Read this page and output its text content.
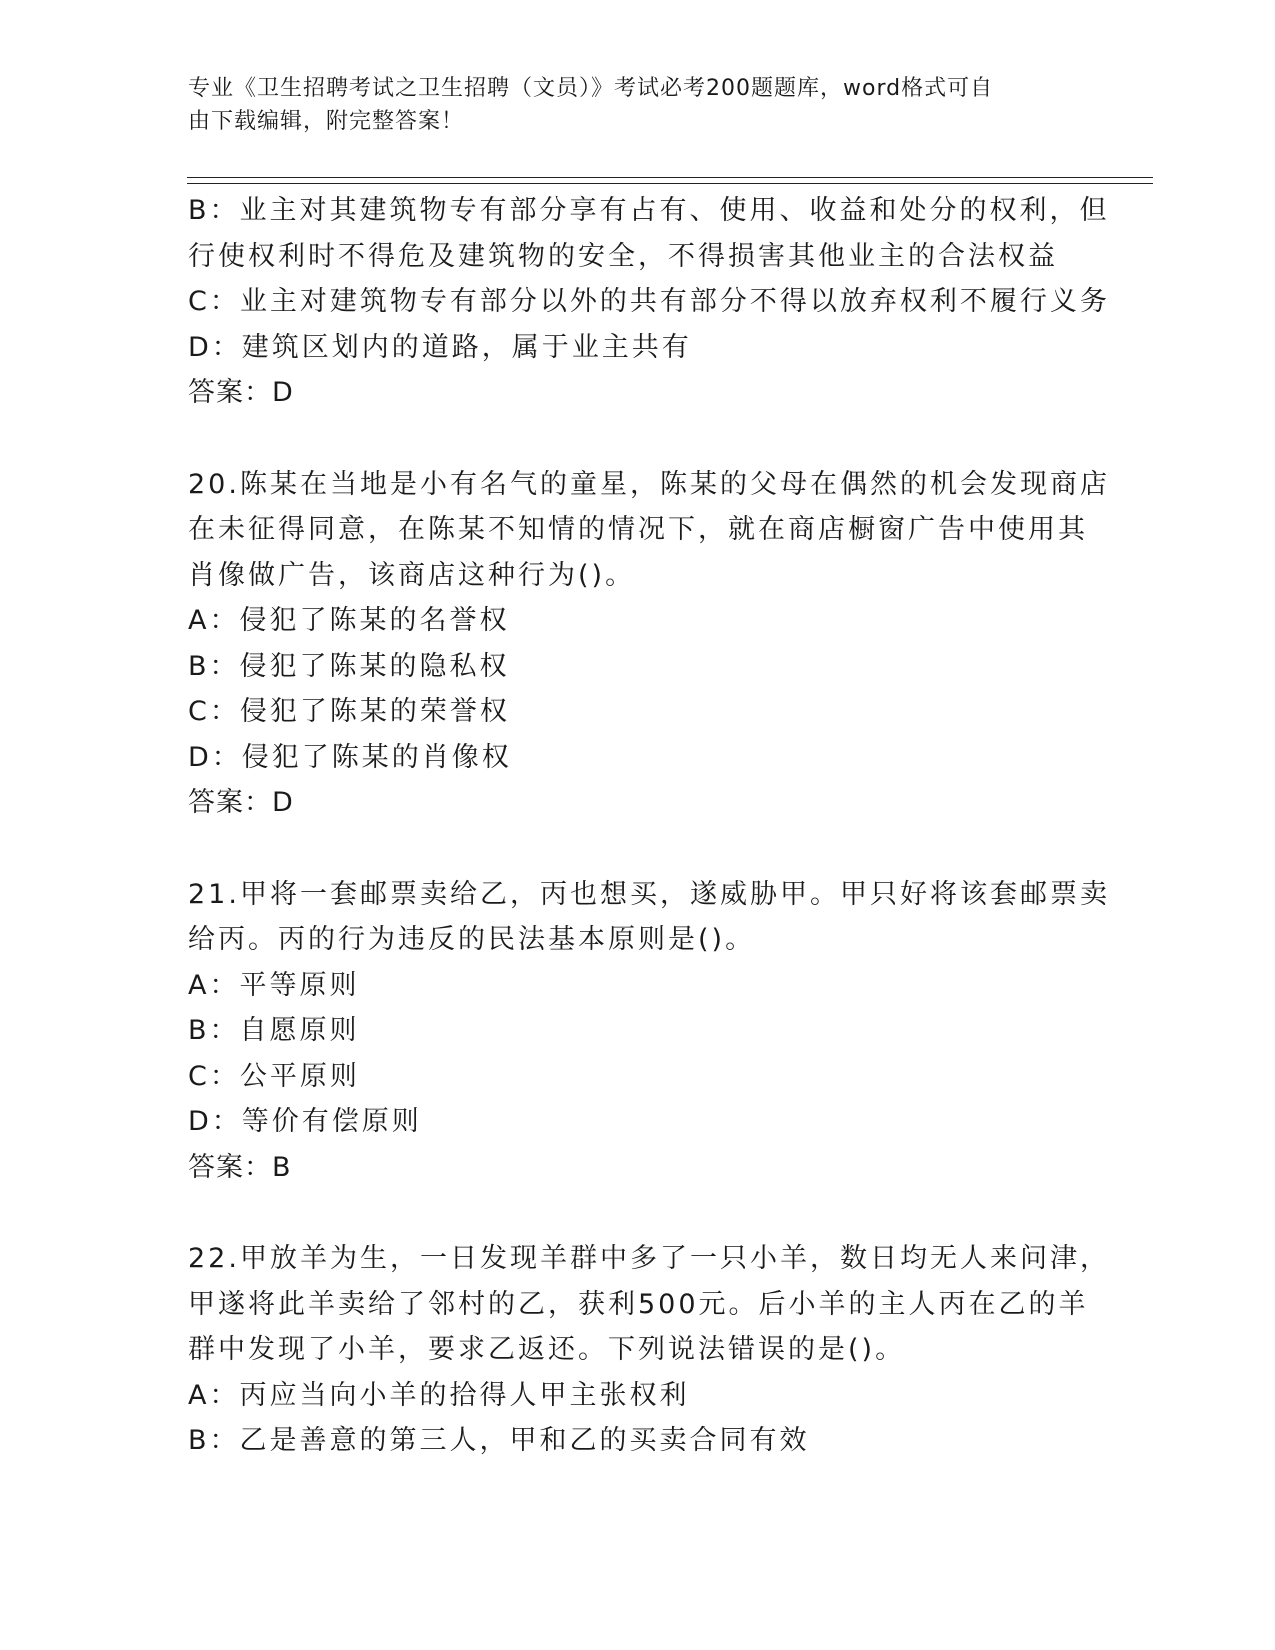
专业《卫生招聘考试之卫生招聘（文员）》考试必考200题题库，word格式可自
由下载编辑，附完整答案！
B：业主对其建筑物专有部分享有占有、使用、收益和处分的权利，但
行使权利时不得危及建筑物的安全，不得损害其他业主的合法权益
C：业主对建筑物专有部分以外的共有部分不得以放弃权利不履行义务
D：建筑区划内的道路，属于业主共有
答案：D
20.陈某在当地是小有名气的童星，陈某的父母在偶然的机会发现商店
在未征得同意，在陈某不知情的情况下，就在商店橱窗广告中使用其
肖像做广告，该商店这种行为()。
A：侵犯了陈某的名誉权
B：侵犯了陈某的隐私权
C：侵犯了陈某的荣誉权
D：侵犯了陈某的肖像权
答案：D
21.甲将一套邮票卖给乙，丙也想买，遂威胁甲。甲只好将该套邮票卖
给丙。丙的行为违反的民法基本原则是()。
A：平等原则
B：自愿原则
C：公平原则
D：等价有偿原则
答案：B
22.甲放羊为生，一日发现羊群中多了一只小羊，数日均无人来问津，
甲遂将此羊卖给了邻村的乙，获利500元。后小羊的主人丙在乙的羊
群中发现了小羊，要求乙返还。下列说法错误的是()。
A：丙应当向小羊的拾得人甲主张权利
B：乙是善意的第三人，甲和乙的买卖合同有效
